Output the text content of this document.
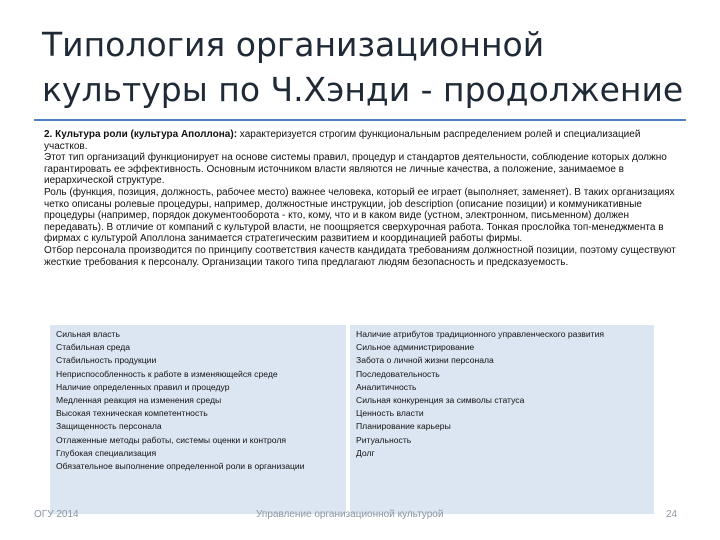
Типология организационной
культуры по Ч.Хэнди - продолжение

2. Культура роли (культура Аполлона): характеризуется строгим функциональным распределением ролей и специализацией участков.

Этот тип организаций функционирует на основе системы правил, процедур и стандартов деятельности, соблюдение которых должно гарантировать ее эффективность. Основным источником власти являются не личные качества, а положение, занимаемое в иерархической структуре.

Роль (функция, позиция, должность, рабочее место) важнее человека, который ее играет (выполняет, заменяет). В таких организациях четко описаны ролевые процедуры, например, должностные инструкции, job description (описание позиции) и коммуникативные процедуры (например, порядок документооборота - кто, кому, что и в каком виде (устном, электронном, письменном) должен передавать). В отличие от компаний с культурой власти, не поощряется сверхурочная работа. Тонкая прослойка топ-менеджмента в фирмах с культурой Аполлона занимается стратегическим развитием и координацией работы фирмы.

Отбор персонала производится по принципу соответствия качеств кандидата требованиям должностной позиции, поэтому существуют жесткие требования к персоналу. Организации такого типа предлагают людям безопасность и предсказуемость.

Сильная власть
Стабильная среда
Стабильность продукции
Неприспособленность к работе в изменяющейся среде
Наличие определенных правил и процедур
Медленная реакция на изменения среды
Высокая техническая компетентность
Защищенность персонала
Отлаженные методы работы, системы оценки и контроля
Глубокая специализация
Обязательное выполнение определенной роли в организации
Наличие атрибутов традиционного управленческого развития
Сильное администрирование
Забота о личной жизни персонала
Последовательность
Аналитичность
Сильная конкуренция за символы статуса
Ценность власти
Планирование карьеры
Ритуальность
Долг
ОГУ 2014	Управление организационной культурой	24
